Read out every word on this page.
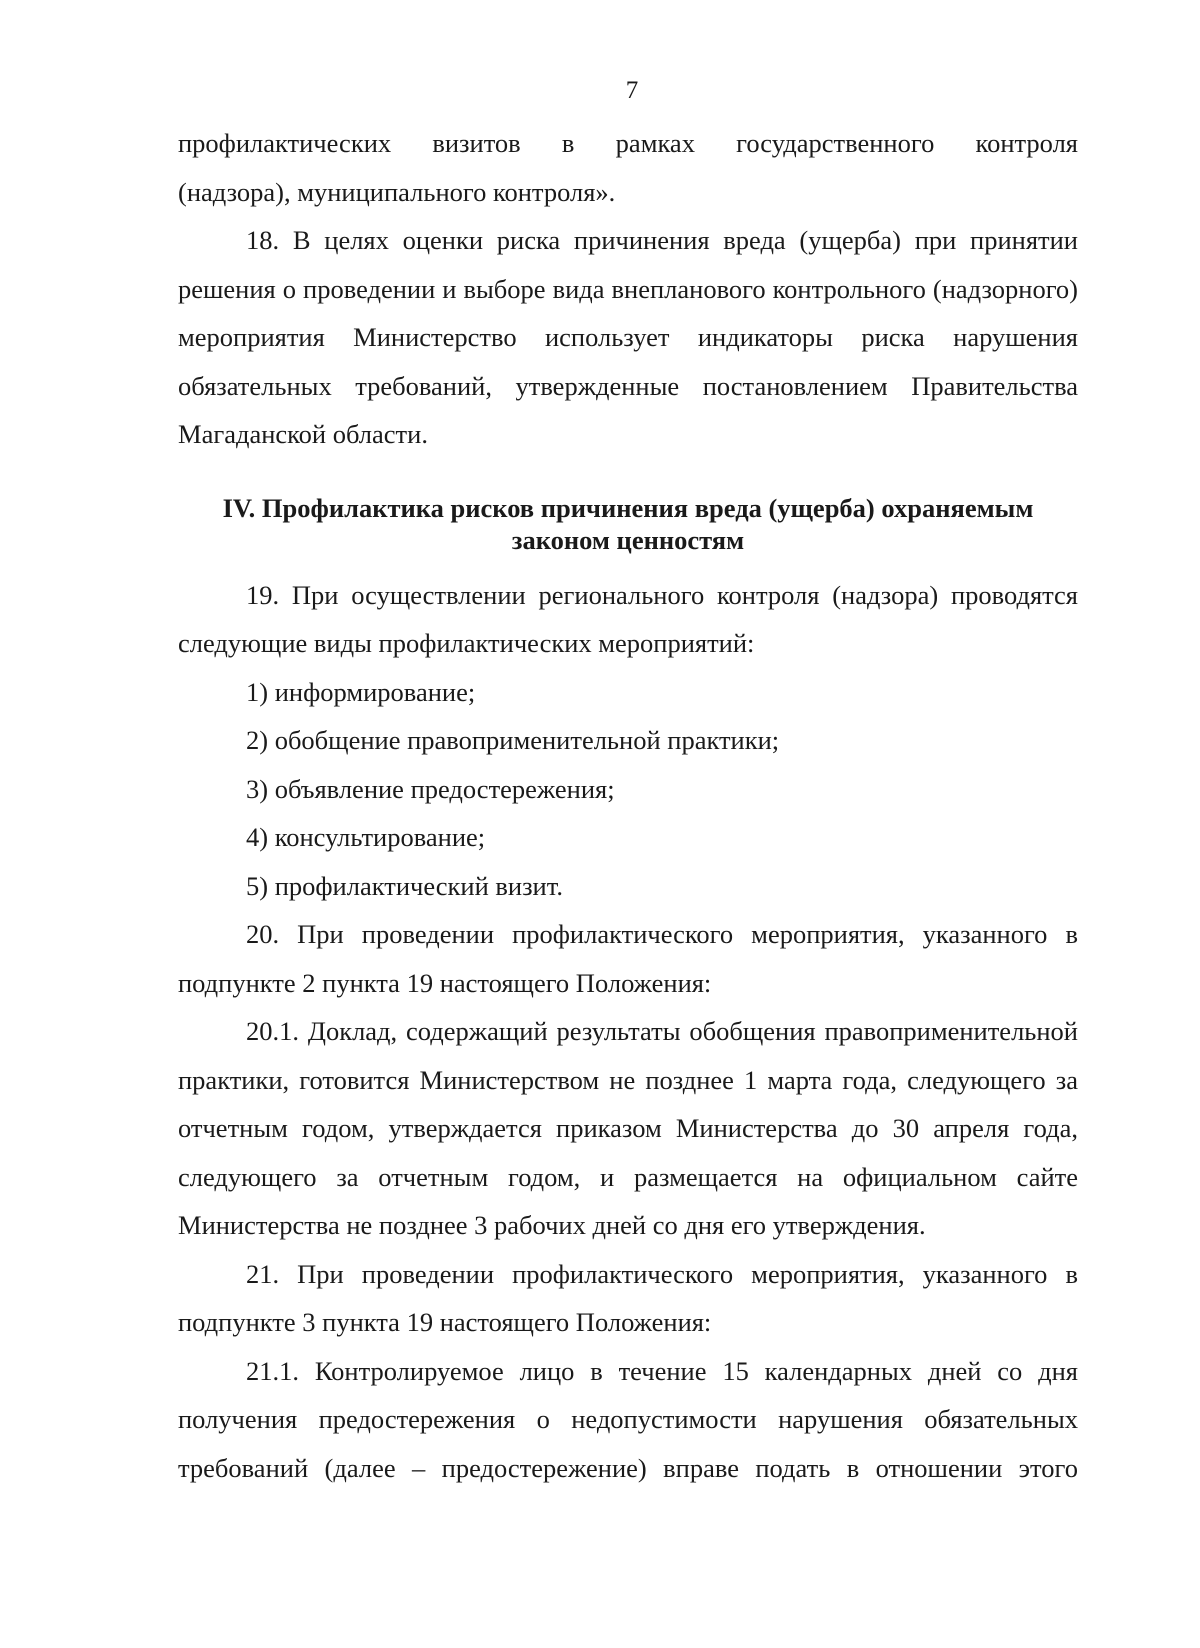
7

профилактических визитов в рамках государственного контроля

(надзора), муниципального контроля».

18. В целях оценки риска причинения вреда (ущерба) при принятии решения о проведении и выборе вида внепланового контрольного (надзорного) мероприятия Министерство использует индикаторы риска нарушения обязательных требований, утвержденные постановлением Правительства Магаданской области.

IV. Профилактика рисков причинения вреда (ущерба) охраняемым
законом ценностям

19. При осуществлении регионального контроля (надзора) проводятся следующие виды профилактических мероприятий:

1) информирование;

2) обобщение правоприменительной практики;

3) объявление предостережения;

4) консультирование;

5) профилактический визит.

20. При проведении профилактического мероприятия, указанного в подпункте 2 пункта 19 настоящего Положения:

20.1. Доклад, содержащий результаты обобщения правоприменительной практики, готовится Министерством не позднее 1 марта года, следующего за отчетным годом, утверждается приказом Министерства до 30 апреля года, следующего за отчетным годом, и размещается на официальном сайте Министерства не позднее 3 рабочих дней со дня его утверждения.

21. При проведении профилактического мероприятия, указанного в подпункте 3 пункта 19 настоящего Положения:

21.1. Контролируемое лицо в течение 15 календарных дней со дня получения предостережения о недопустимости нарушения обязательных требований (далее – предостережение) вправе подать в отношении этого
